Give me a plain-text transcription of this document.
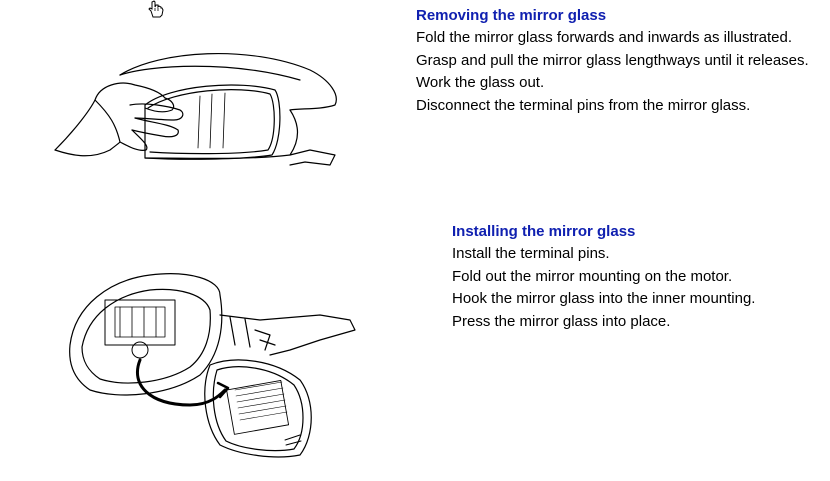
Removing the mirror glass

Fold the mirror glass forwards and inwards as illustrated.

Grasp and pull the mirror glass lengthways until it releases.

Work the glass out.

Disconnect the terminal pins from the mirror glass.

Installing the mirror glass

Install the terminal pins.

Fold out the mirror mounting on the motor.

Hook the mirror glass into the inner mounting.

Press the mirror glass into place.
